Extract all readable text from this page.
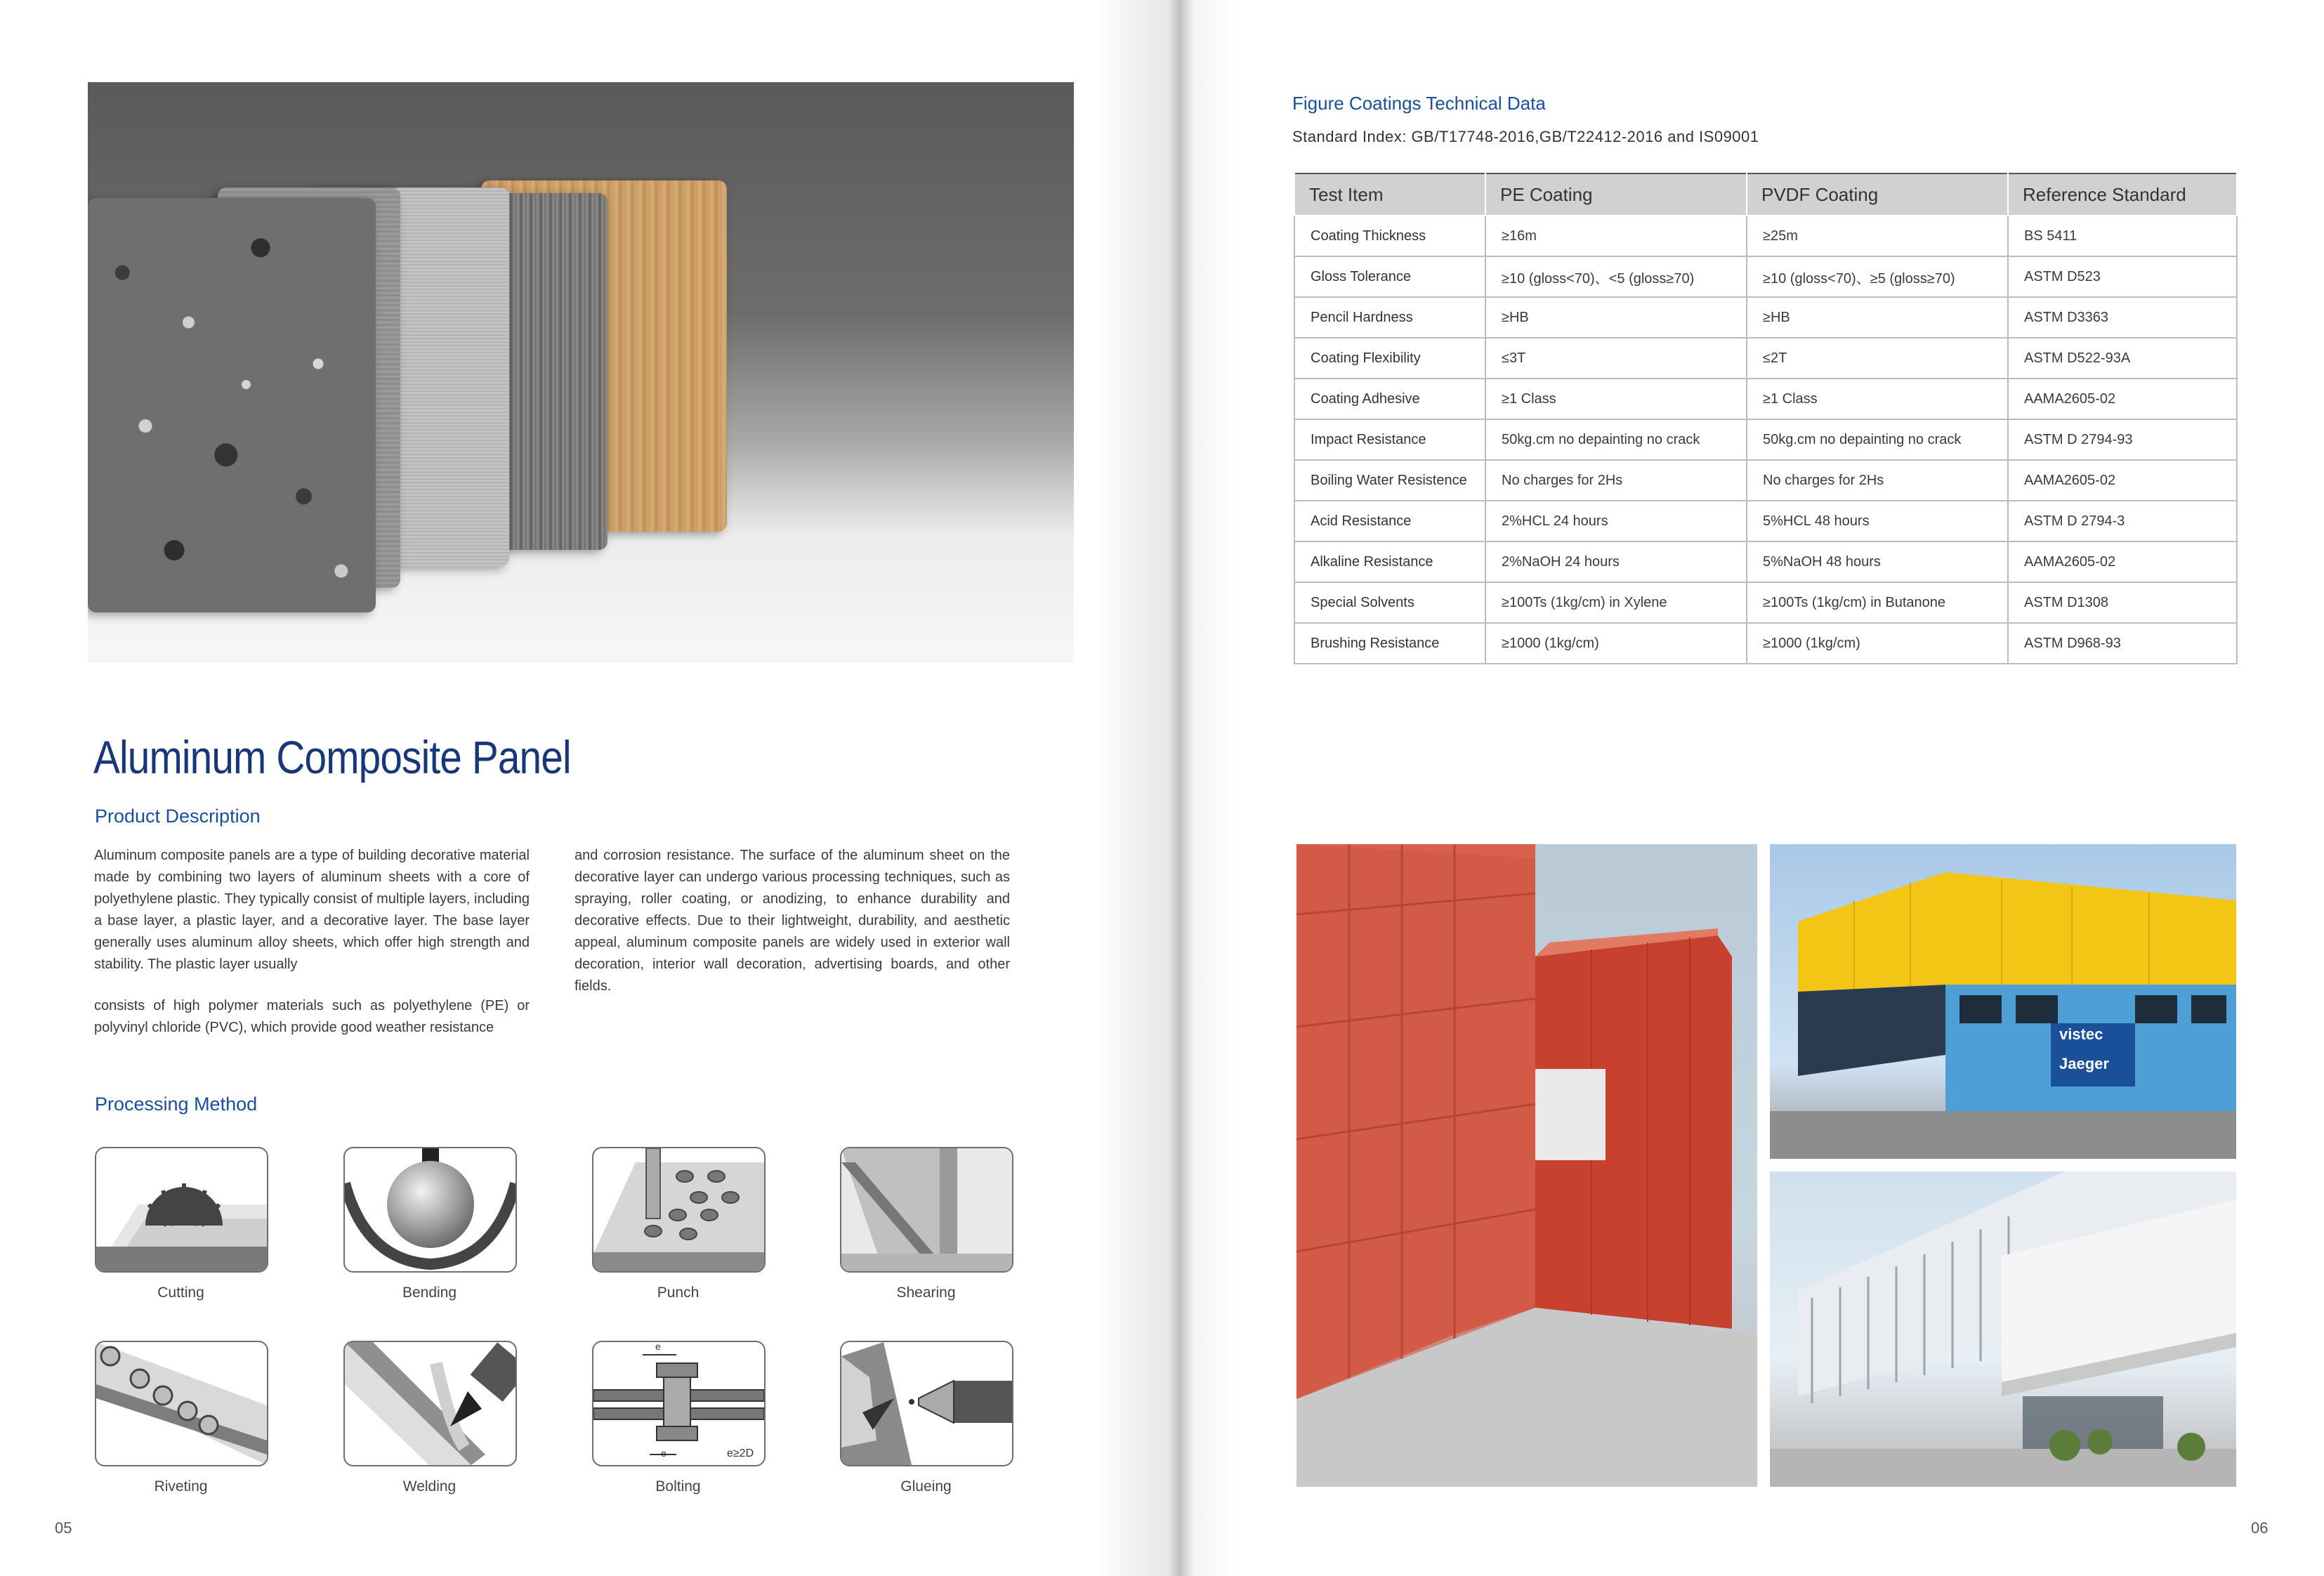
Aluminum Composite Panel
Product Description
Aluminum composite panels are a type of building decorative material made by combining two layers of aluminum sheets with a core of polyethylene plastic. They typically consist of multiple layers, including a base layer, a plastic layer, and a decorative layer. The base layer generally uses aluminum alloy sheets, which offer high strength and stability. The plastic layer usually
consists of high polymer materials such as polyethylene (PE) or polyvinyl chloride (PVC), which provide good weather resistance
and corrosion resistance. The surface of the aluminum sheet on the decorative layer can undergo various processing techniques, such as spraying, roller coating, or anodizing, to enhance durability and decorative effects. Due to their lightweight, durability, and aesthetic appeal, aluminum composite panels are widely used in exterior wall decoration, interior wall decoration, advertising boards, and other fields.
Processing Method
Cutting	Bending	Punch	Shearing
Riveting	Welding
e
e	e≥2D
Bolting	Glueing
05
Figure Coatings Technical Data
Standard Index: GB/T17748-2016,GB/T22412-2016 and IS09001
Test Item	PE Coating	PVDF Coating	Reference Standard
Coating Thickness	≥16m	≥25m	BS 5411
Gloss Tolerance	≥10 (gloss<70)、<5 (gloss≥70)	≥10 (gloss<70)、≥5 (gloss≥70)	ASTM D523
Pencil Hardness	≥HB	≥HB	ASTM D3363
Coating Flexibility	≤3T	≤2T	ASTM D522-93A
Coating Adhesive	≥1 Class	≥1 Class	AAMA2605-02
Impact Resistance	50kg.cm no depainting no crack	50kg.cm no depainting no crack	ASTM D 2794-93
Boiling Water Resistence	No charges for 2Hs	No charges for 2Hs	AAMA2605-02
Acid Resistance	2%HCL 24 hours	5%HCL 48 hours	ASTM D 2794-3
Alkaline Resistance	2%NaOH 24 hours	5%NaOH 48 hours	AAMA2605-02
Special Solvents	≥100Ts (1kg/cm) in Xylene	≥100Ts (1kg/cm) in Butanone	ASTM D1308
Brushing Resistance	≥1000 (1kg/cm)	≥1000 (1kg/cm)	ASTM D968-93
vistec
Jaeger
06
